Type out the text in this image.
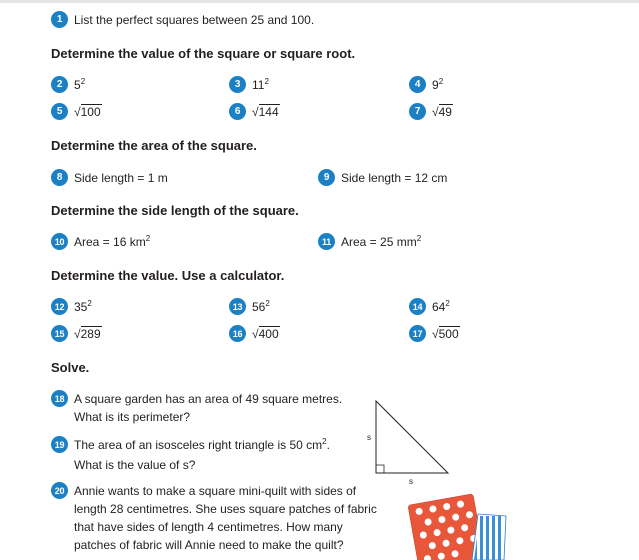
1 List the perfect squares between 25 and 100.
Determine the value of the square or square root.
2 $5^2$	3 $11^2$	4 $9^2$
5 √100	6 √144	7 √49
Determine the area of the square.
8 Side length = 1 m	9 Side length = 12 cm
Determine the side length of the square.
10 Area = 16 $km^2$	11 Area = 25 $mm^2$
Determine the value. Use a calculator.
12 $35^2$	13 $56^2$	14 $64^2$
15 √289	16 √400	17 √500
Solve.
18 A square garden has an area of 49 square metres.
What is its perimeter?
19 The area of an isosceles right triangle is 50 $cm^2$.
What is the value of s?
20 Annie wants to make a square mini-quilt with sides of
length 28 centimetres. She uses square patches of fabric
that have sides of length 4 centimetres. How many
patches of fabric will Annie need to make the quilt?
s
s
